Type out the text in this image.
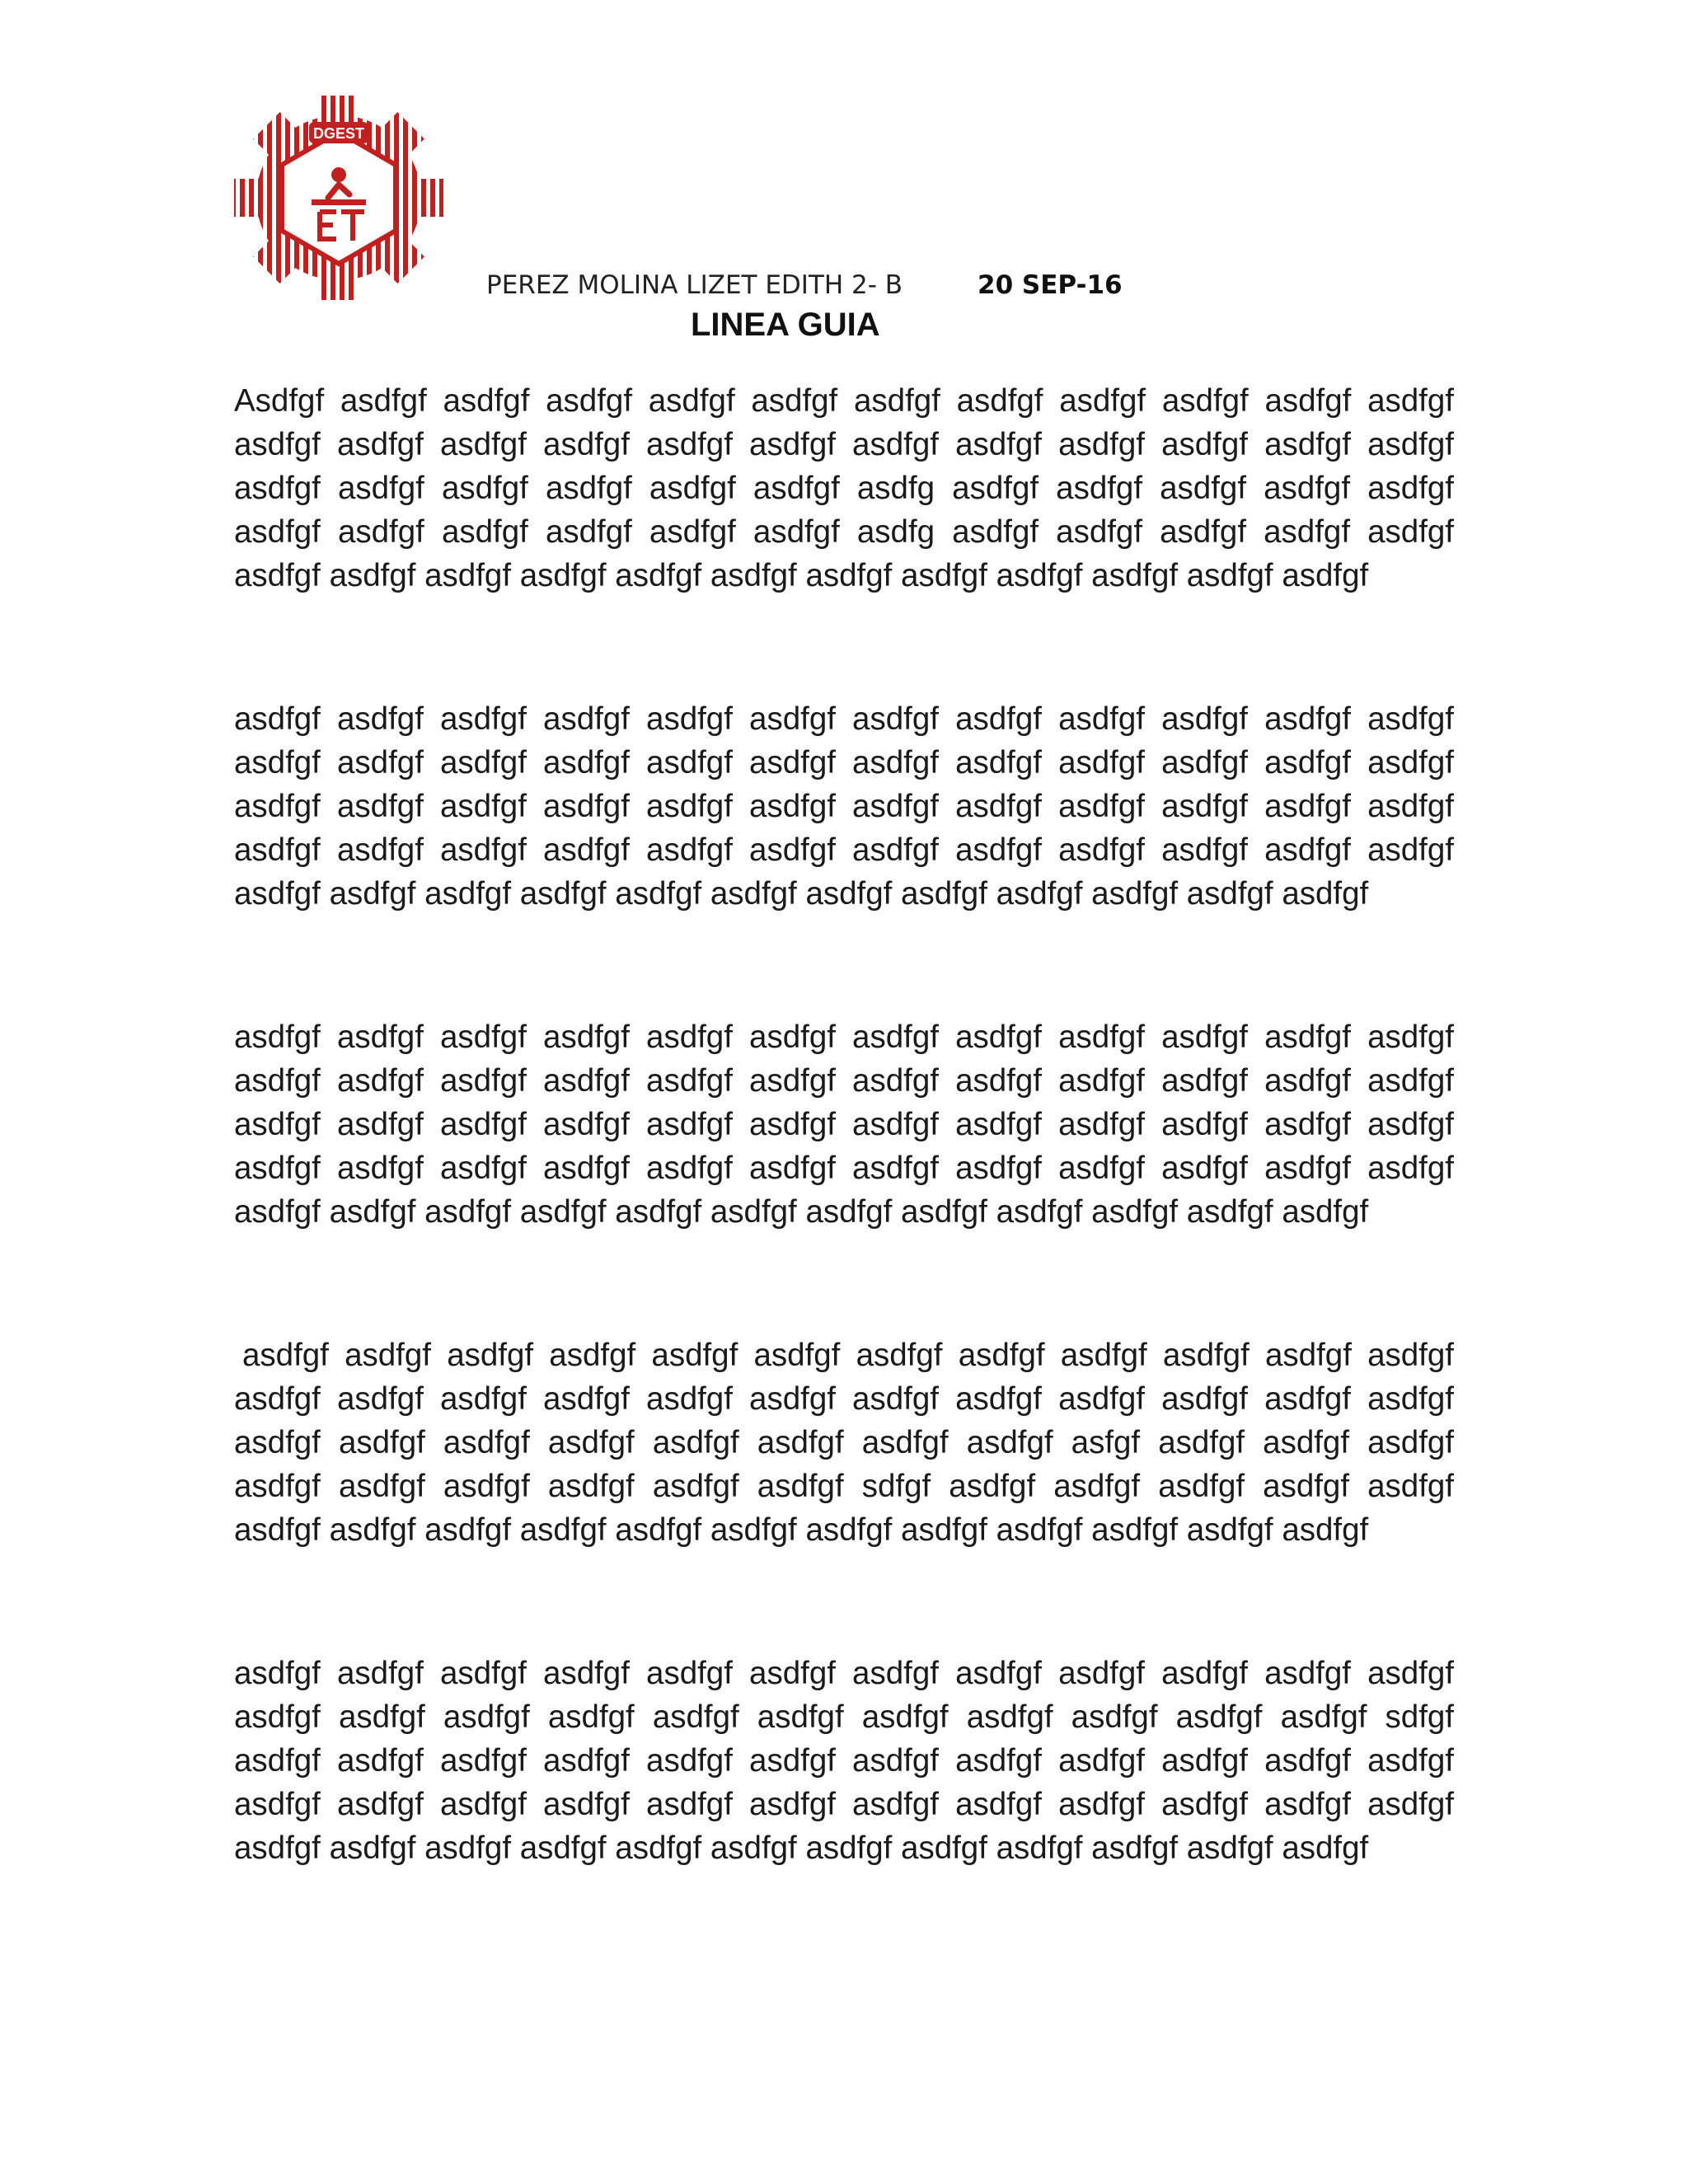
DGEST
PEREZ MOLINA LIZET EDITH 2- B	20 SEP-16
LINEA GUIA
Asdfgf asdfgf asdfgf asdfgf asdfgf asdfgf asdfgf asdfgf asdfgf asdfgf asdfgf asdfgf
asdfgf asdfgf asdfgf asdfgf asdfgf asdfgf asdfgf asdfgf asdfgf asdfgf asdfgf asdfgf
asdfgf asdfgf asdfgf asdfgf asdfgf asdfgf asdfg asdfgf asdfgf asdfgf asdfgf asdfgf
asdfgf asdfgf asdfgf asdfgf asdfgf asdfgf asdfg asdfgf asdfgf asdfgf asdfgf asdfgf
asdfgf asdfgf asdfgf asdfgf asdfgf asdfgf asdfgf asdfgf asdfgf asdfgf asdfgf asdfgf
asdfgf asdfgf asdfgf asdfgf asdfgf asdfgf asdfgf asdfgf asdfgf asdfgf asdfgf asdfgf
asdfgf asdfgf asdfgf asdfgf asdfgf asdfgf asdfgf asdfgf asdfgf asdfgf asdfgf asdfgf
asdfgf asdfgf asdfgf asdfgf asdfgf asdfgf asdfgf asdfgf asdfgf asdfgf asdfgf asdfgf
asdfgf asdfgf asdfgf asdfgf asdfgf asdfgf asdfgf asdfgf asdfgf asdfgf asdfgf asdfgf
asdfgf asdfgf asdfgf asdfgf asdfgf asdfgf asdfgf asdfgf asdfgf asdfgf asdfgf asdfgf
asdfgf asdfgf asdfgf asdfgf asdfgf asdfgf asdfgf asdfgf asdfgf asdfgf asdfgf asdfgf
asdfgf asdfgf asdfgf asdfgf asdfgf asdfgf asdfgf asdfgf asdfgf asdfgf asdfgf asdfgf
asdfgf asdfgf asdfgf asdfgf asdfgf asdfgf asdfgf asdfgf asdfgf asdfgf asdfgf asdfgf
asdfgf asdfgf asdfgf asdfgf asdfgf asdfgf asdfgf asdfgf asdfgf asdfgf asdfgf asdfgf
asdfgf asdfgf asdfgf asdfgf asdfgf asdfgf asdfgf asdfgf asdfgf asdfgf asdfgf asdfgf
asdfgf asdfgf asdfgf asdfgf asdfgf asdfgf asdfgf asdfgf asdfgf asdfgf asdfgf asdfgf
asdfgf asdfgf asdfgf asdfgf asdfgf asdfgf asdfgf asdfgf asdfgf asdfgf asdfgf asdfgf
asdfgf asdfgf asdfgf asdfgf asdfgf asdfgf asdfgf asdfgf asfgf asdfgf asdfgf asdfgf
asdfgf asdfgf asdfgf asdfgf asdfgf asdfgf sdfgf asdfgf asdfgf asdfgf asdfgf asdfgf
asdfgf asdfgf asdfgf asdfgf asdfgf asdfgf asdfgf asdfgf asdfgf asdfgf asdfgf asdfgf
asdfgf asdfgf asdfgf asdfgf asdfgf asdfgf asdfgf asdfgf asdfgf asdfgf asdfgf asdfgf
asdfgf asdfgf asdfgf asdfgf asdfgf asdfgf asdfgf asdfgf asdfgf asdfgf asdfgf sdfgf
asdfgf asdfgf asdfgf asdfgf asdfgf asdfgf asdfgf asdfgf asdfgf asdfgf asdfgf asdfgf
asdfgf asdfgf asdfgf asdfgf asdfgf asdfgf asdfgf asdfgf asdfgf asdfgf asdfgf asdfgf
asdfgf asdfgf asdfgf asdfgf asdfgf asdfgf asdfgf asdfgf asdfgf asdfgf asdfgf asdfgf
